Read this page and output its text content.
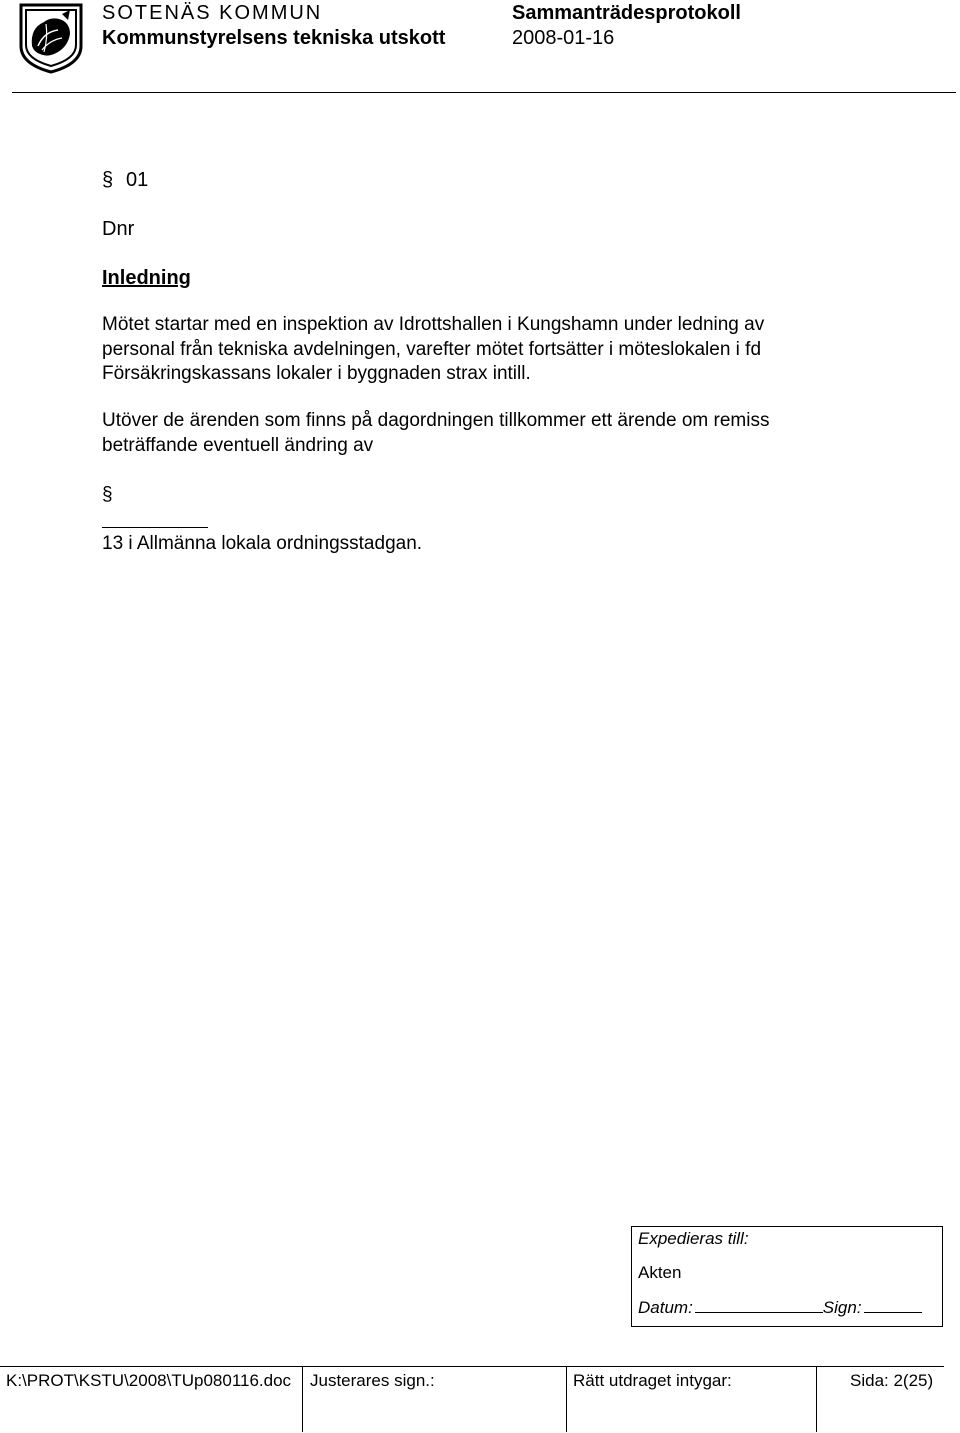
SOTENÄS KOMMUN
Kommunstyrelsens tekniska utskott
Sammanträdesprotokoll
2008-01-16
§ 01
Dnr
Inledning
Mötet startar med en inspektion av Idrottshallen i Kungshamn under ledning av
personal från tekniska avdelningen, varefter mötet fortsätter i möteslokalen i fd
Försäkringskassans lokaler i byggnaden strax intill.
Utöver de ärenden som finns på dagordningen tillkommer ett ärende om remiss
beträffande eventuell ändring av

§

13 i Allmänna lokala ordningsstadgan.
Expedieras till:
Akten
Datum:	Sign:
K:\PROT\KSTU\2008\TUp080116.doc	Justerares sign.:	Rätt utdraget intygar:	Sida: 2(25)
